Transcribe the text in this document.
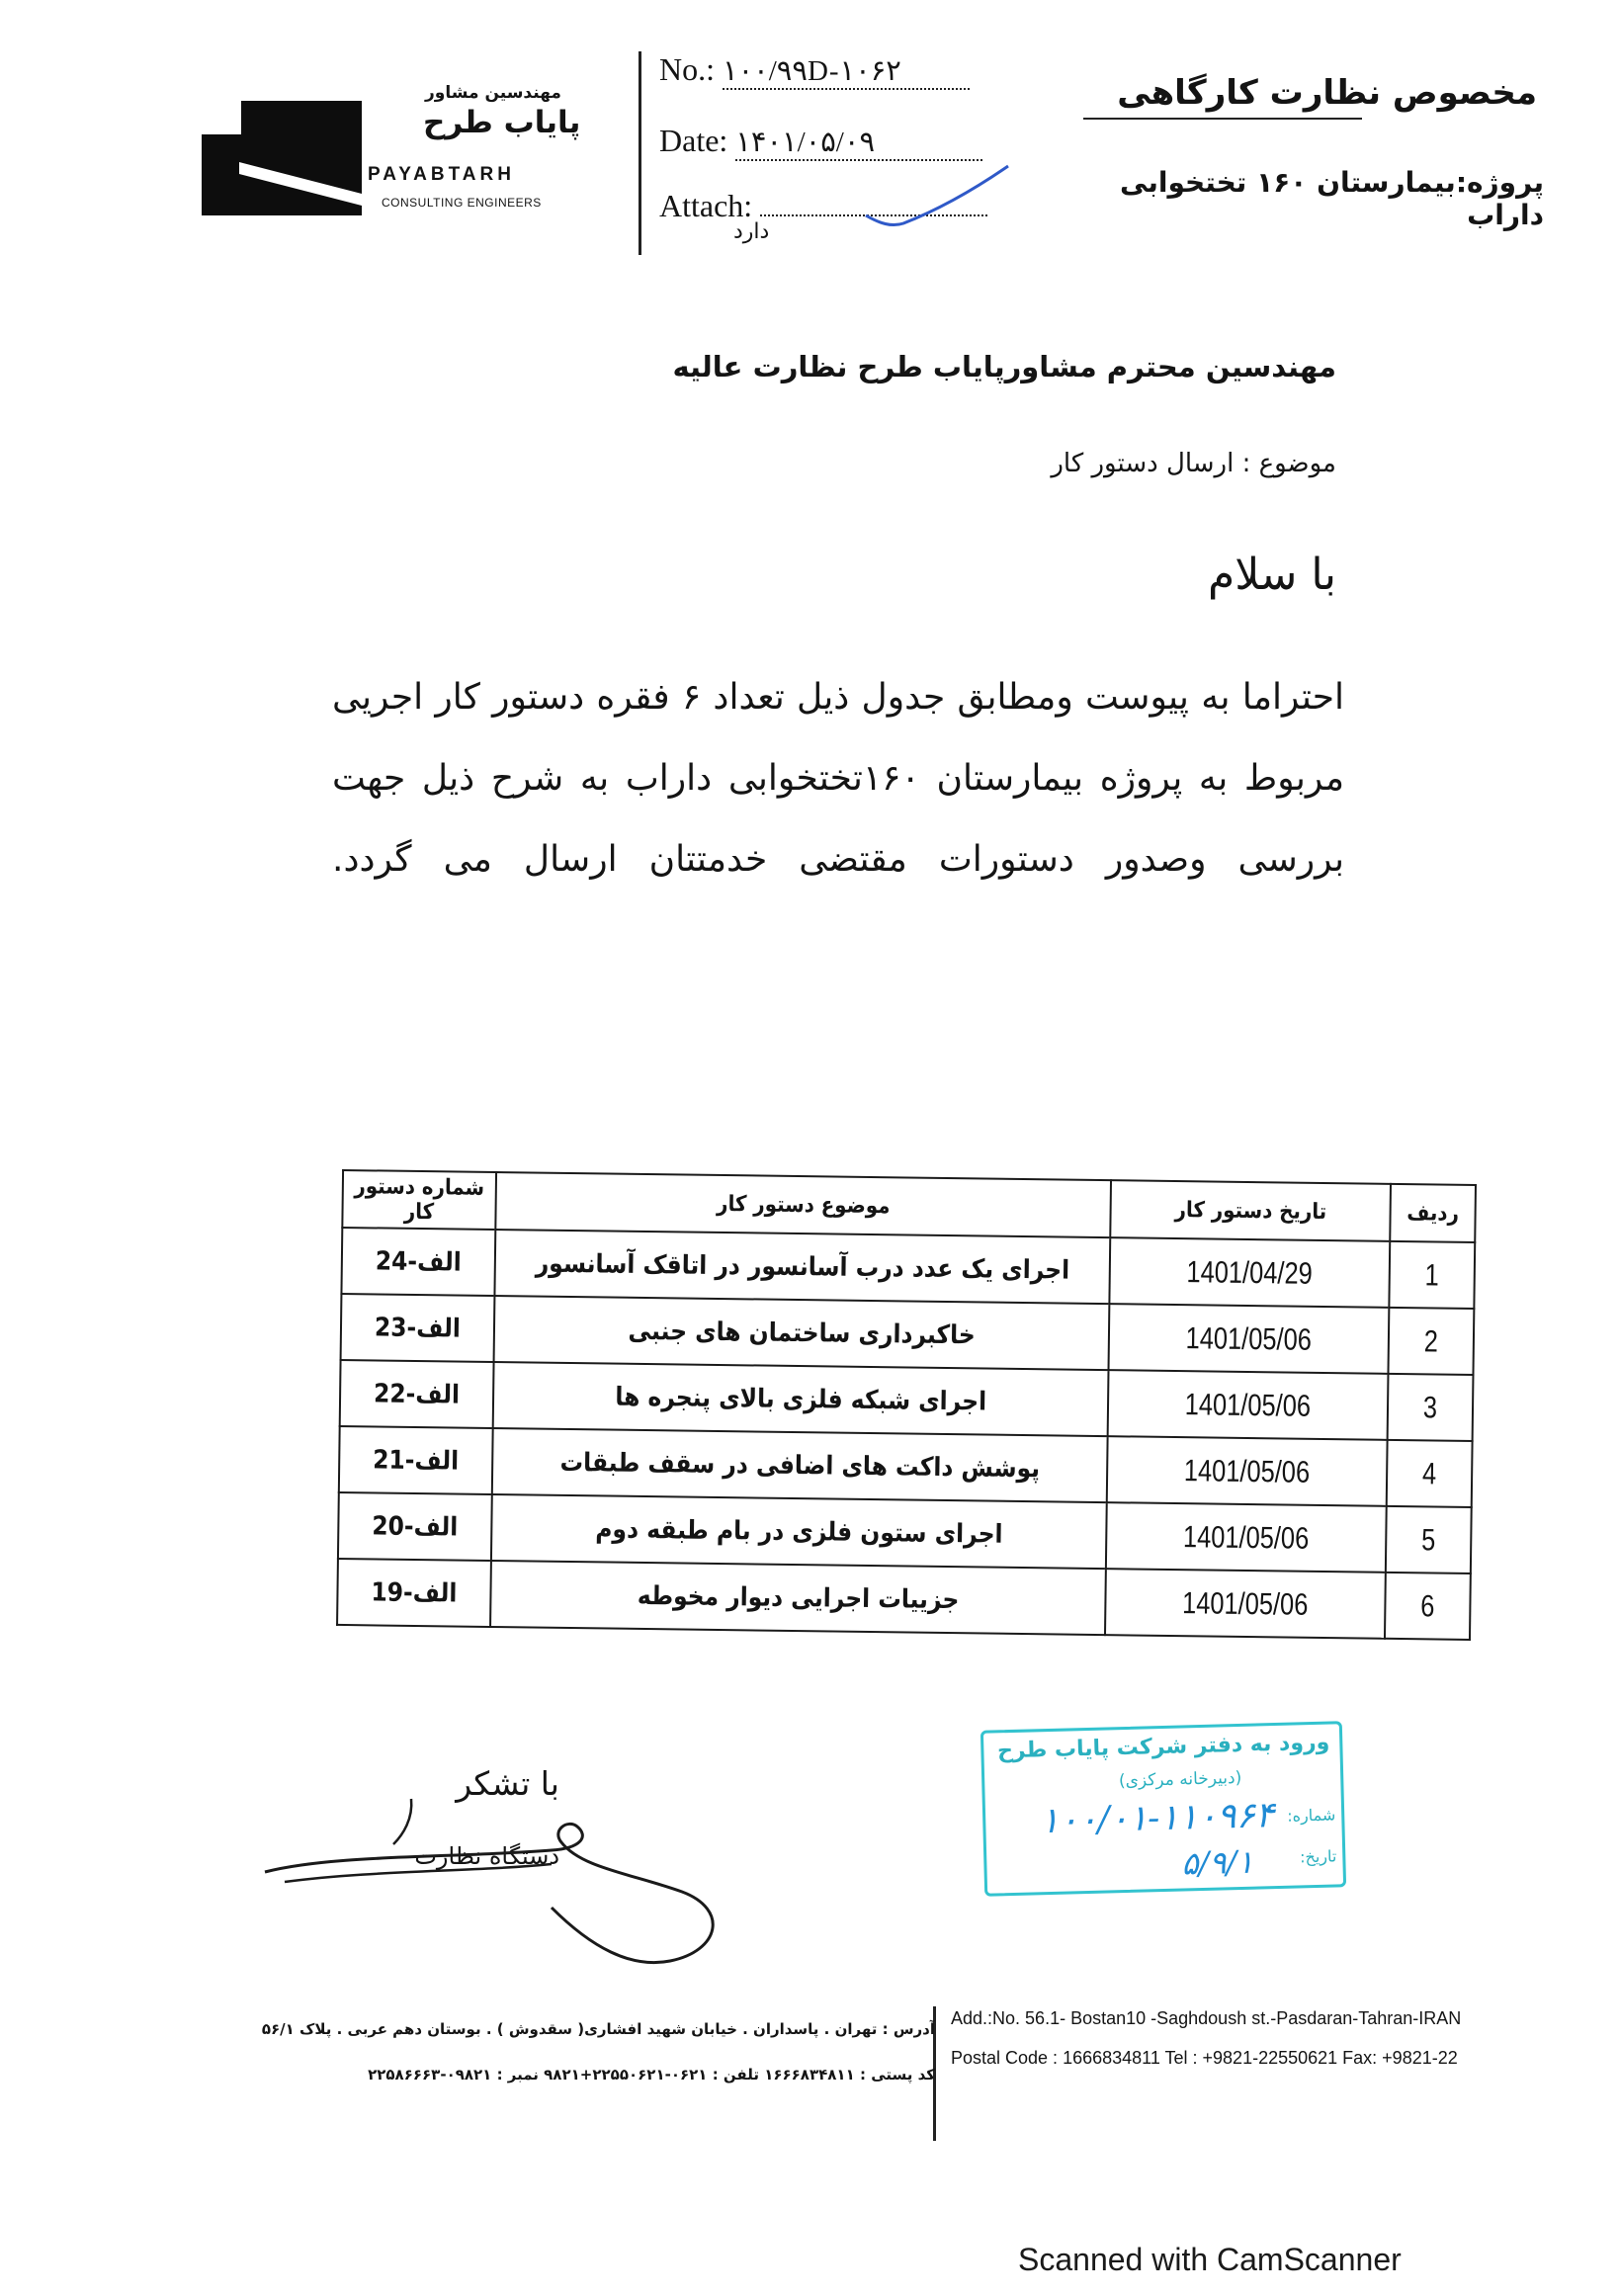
مهندسین مشاور
پایاب طرح
PAYABTARH
CONSULTING ENGINEERS
No.: ۱۰۰/۹۹D-۱۰۶۲
Date: ۱۴۰۱/۰۵/۰۹
Attach:
دارد
مخصوص نظارت کارگاهی
پروژه:بیمارستان ۱۶۰ تختخوابی داراب
مهندسین محترم مشاورپایاب طرح نظارت عالیه
موضوع : ارسال دستور کار
با سلام
احتراما به پیوست ومطابق جدول ذیل تعداد ۶ فقره دستور کار اجریی مربوط به پروژه بیمارستان ۱۶۰تختخوابی داراب به شرح ذیل جهت بررسی وصدور دستورات مقتضی خدمتتان ارسال می گردد.
ردیف	تاریخ دستور کار	موضوع دستور کار	شماره دستور کار
1	1401/04/29	اجرای یک عدد درب آسانسور در اتاقک آسانسور	الف-24
2	1401/05/06	خاکبرداری ساختمان های جنبی	الف-23
3	1401/05/06	اجرای شبکه فلزی بالای پنجره ها	الف-22
4	1401/05/06	پوشش داکت های اضافی در سقف طبقات	الف-21
5	1401/05/06	اجرای ستون فلزی در بام طبقه دوم	الف-20
6	1401/05/06	جزییات اجرایی دیوار مخوطه	الف-19
ورود به دفتر شرکت پایاب طرح
(دبیرخانه مرکزی)
شماره:
تاریخ:
۱۰۰/۰۱-۱۱۰۹۶۴
۵/۹/۱
با تشکر
دستگاه نظارت
آدرس : تهران . پاسداران . خیابان شهید افشاری( سقدوش ) . بوستان دهم عربی . پلاک ۵۶/۱
کد پستی : ۱۶۶۶۸۳۴۸۱۱ تلفن : ۰۶۲۱-۲۲۵۵۰۶۲۱+۹۸۲۱ نمبر : ۰۹۸۲۱-۲۲۵۸۶۶۶۳
Add.:No. 56.1- Bostan10 -Saghdoush st.-Pasdaran-Tahran-IRAN
Postal Code : 1666834811 Tel : +9821-22550621 Fax: +9821-22
Scanned with CamScanner
